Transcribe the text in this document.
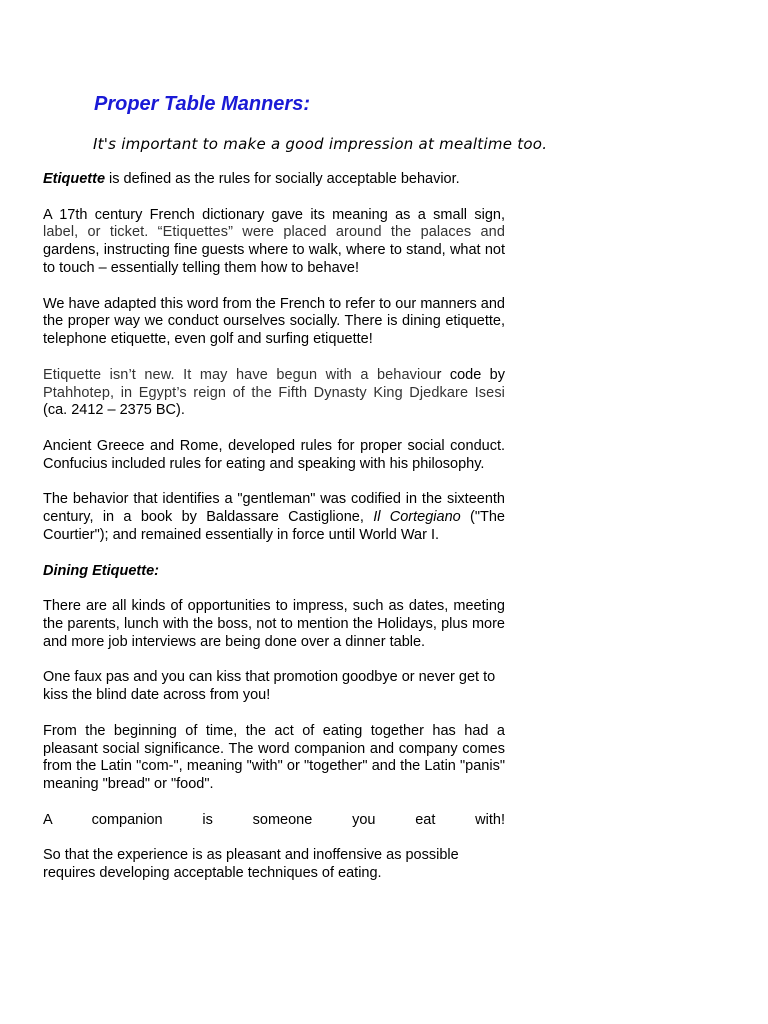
Proper Table Manners:
It's important to make a good impression at mealtime too.

Etiquette is defined as the rules for socially acceptable behavior.

A 17th century French dictionary gave its meaning as a small sign, label, or ticket. “Etiquettes” were placed around the palaces and gardens, instructing fine guests where to walk, where to stand, what not to touch – essentially telling them how to behave!

We have adapted this word from the French to refer to our manners and the proper way we conduct ourselves socially. There is dining etiquette, telephone etiquette, even golf and surfing etiquette!

Etiquette isn’t new. It may have begun with a behaviour code by Ptahhotep, in Egypt’s reign of the Fifth Dynasty King Djedkare Isesi (ca. 2412 – 2375 BC).

Ancient Greece and Rome, developed rules for proper social conduct. Confucius included rules for eating and speaking with his philosophy.

The behavior that identifies a "gentleman" was codified in the sixteenth century, in a book by Baldassare Castiglione, Il Cortegiano ("The Courtier"); and remained essentially in force until World War I.

Dining Etiquette:

There are all kinds of opportunities to impress, such as dates, meeting the parents, lunch with the boss, not to mention the Holidays, plus more and more job interviews are being done over a dinner table.

One faux pas and you can kiss that promotion goodbye or never get to kiss the blind date across from you!

From the beginning of time, the act of eating together has had a pleasant social significance. The word companion and company comes from the Latin "com-", meaning "with" or "together" and the Latin "panis" meaning "bread" or "food".

A companion is someone you eat with!

So that the experience is as pleasant and inoffensive as possible requires developing acceptable techniques of eating.
